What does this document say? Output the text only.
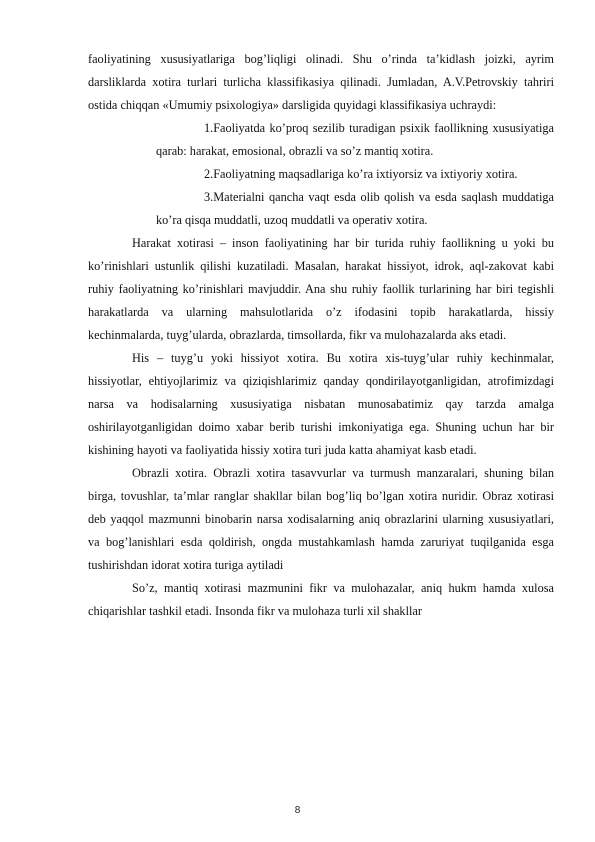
faoliyatining xususiyatlariga bog’liqligi olinadi. Shu o’rinda ta’kidlash joizki, ayrim darsliklarda xotira turlari turlicha klassifikasiya qilinadi. Jumladan, A.V.Petrovskiy tahriri ostida chiqqan «Umumiy psixologiya» darsligida quyidagi klassifikasiya uchraydi:

1.Faoliyatda ko’proq sezilib turadigan psixik faollikning xususiyatiga qarab: harakat, emosional, obrazli va so’z mantiq xotira.

2.Faoliyatning maqsadlariga ko’ra ixtiyorsiz va ixtiyoriy xotira.

3.Materialni qancha vaqt esda olib qolish va esda saqlash muddatiga ko’ra qisqa muddatli, uzoq muddatli va operativ xotira.

Harakat xotirasi – inson faoliyatining har bir turida ruhiy faollikning u yoki bu ko’rinishlari ustunlik qilishi kuzatiladi. Masalan, harakat hissiyot, idrok, aql-zakovat kabi ruhiy faoliyatning ko’rinishlari mavjuddir. Ana shu ruhiy faollik turlarining har biri tegishli harakatlarda va ularning mahsulotlarida o’z ifodasini topib harakatlarda, hissiy kechinmalarda, tuyg’ularda, obrazlarda, timsollarda, fikr va mulohazalarda aks etadi.

His – tuyg’u yoki hissiyot xotira. Bu xotira xis-tuyg’ular ruhiy kechinmalar, hissiyotlar, ehtiyojlarimiz va qiziqishlarimiz qanday qondirilayotganligidan, atrofimizdagi narsa va hodisalarning xususiyatiga nisbatan munosabatimiz qay tarzda amalga oshirilayotganligidan doimo xabar berib turishi imkoniyatiga ega. Shuning uchun har bir kishining hayoti va faoliyatida hissiy xotira turi juda katta ahamiyat kasb etadi.

Obrazli xotira. Obrazli xotira tasavvurlar va turmush manzaralari, shuning bilan birga, tovushlar, ta’mlar ranglar shakllar bilan bog’liq bo’lgan xotira nuridir. Obraz xotirasi deb yaqqol mazmunni binobarin narsa xodisalarning aniq obrazlarini ularning xususiyatlari, va bog’lanishlari esda qoldirish, ongda mustahkamlash hamda zaruriyat tuqilganida esga tushirishdan idorat xotira turiga aytiladi

So’z, mantiq xotirasi mazmunini fikr va mulohazalar, aniq hukm hamda xulosa chiqarishlar tashkil etadi. Insonda fikr va mulohaza turli xil shakllar

8
